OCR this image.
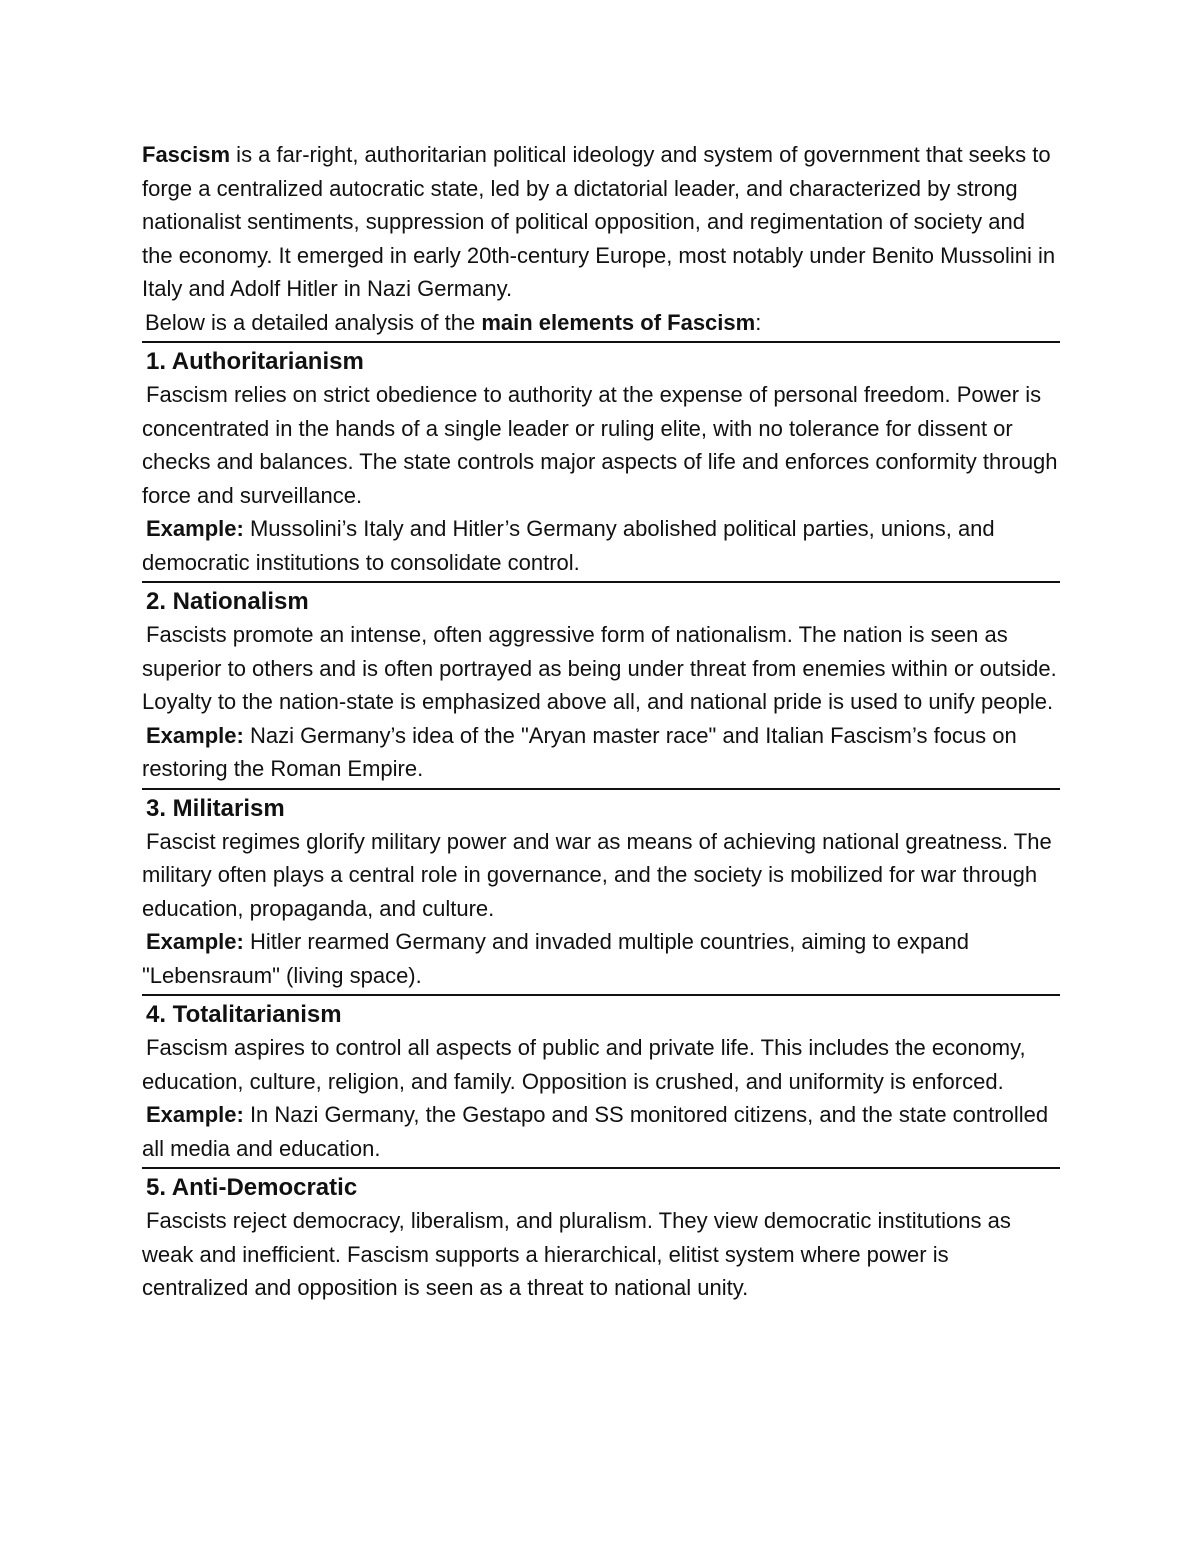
Fascism is a far-right, authoritarian political ideology and system of government that seeks to forge a centralized autocratic state, led by a dictatorial leader, and characterized by strong nationalist sentiments, suppression of political opposition, and regimentation of society and the economy. It emerged in early 20th-century Europe, most notably under Benito Mussolini in Italy and Adolf Hitler in Nazi Germany.

Below is a detailed analysis of the main elements of Fascism:

1. Authoritarianism

Fascism relies on strict obedience to authority at the expense of personal freedom. Power is concentrated in the hands of a single leader or ruling elite, with no tolerance for dissent or checks and balances. The state controls major aspects of life and enforces conformity through force and surveillance.

Example: Mussolini’s Italy and Hitler’s Germany abolished political parties, unions, and democratic institutions to consolidate control.

2. Nationalism

Fascists promote an intense, often aggressive form of nationalism. The nation is seen as superior to others and is often portrayed as being under threat from enemies within or outside. Loyalty to the nation-state is emphasized above all, and national pride is used to unify people.

Example: Nazi Germany’s idea of the "Aryan master race" and Italian Fascism’s focus on restoring the Roman Empire.

3. Militarism

Fascist regimes glorify military power and war as means of achieving national greatness. The military often plays a central role in governance, and the society is mobilized for war through education, propaganda, and culture.

Example: Hitler rearmed Germany and invaded multiple countries, aiming to expand "Lebensraum" (living space).

4. Totalitarianism

Fascism aspires to control all aspects of public and private life. This includes the economy, education, culture, religion, and family. Opposition is crushed, and uniformity is enforced.

Example: In Nazi Germany, the Gestapo and SS monitored citizens, and the state controlled all media and education.

5. Anti-Democratic

Fascists reject democracy, liberalism, and pluralism. They view democratic institutions as weak and inefficient. Fascism supports a hierarchical, elitist system where power is centralized and opposition is seen as a threat to national unity.
